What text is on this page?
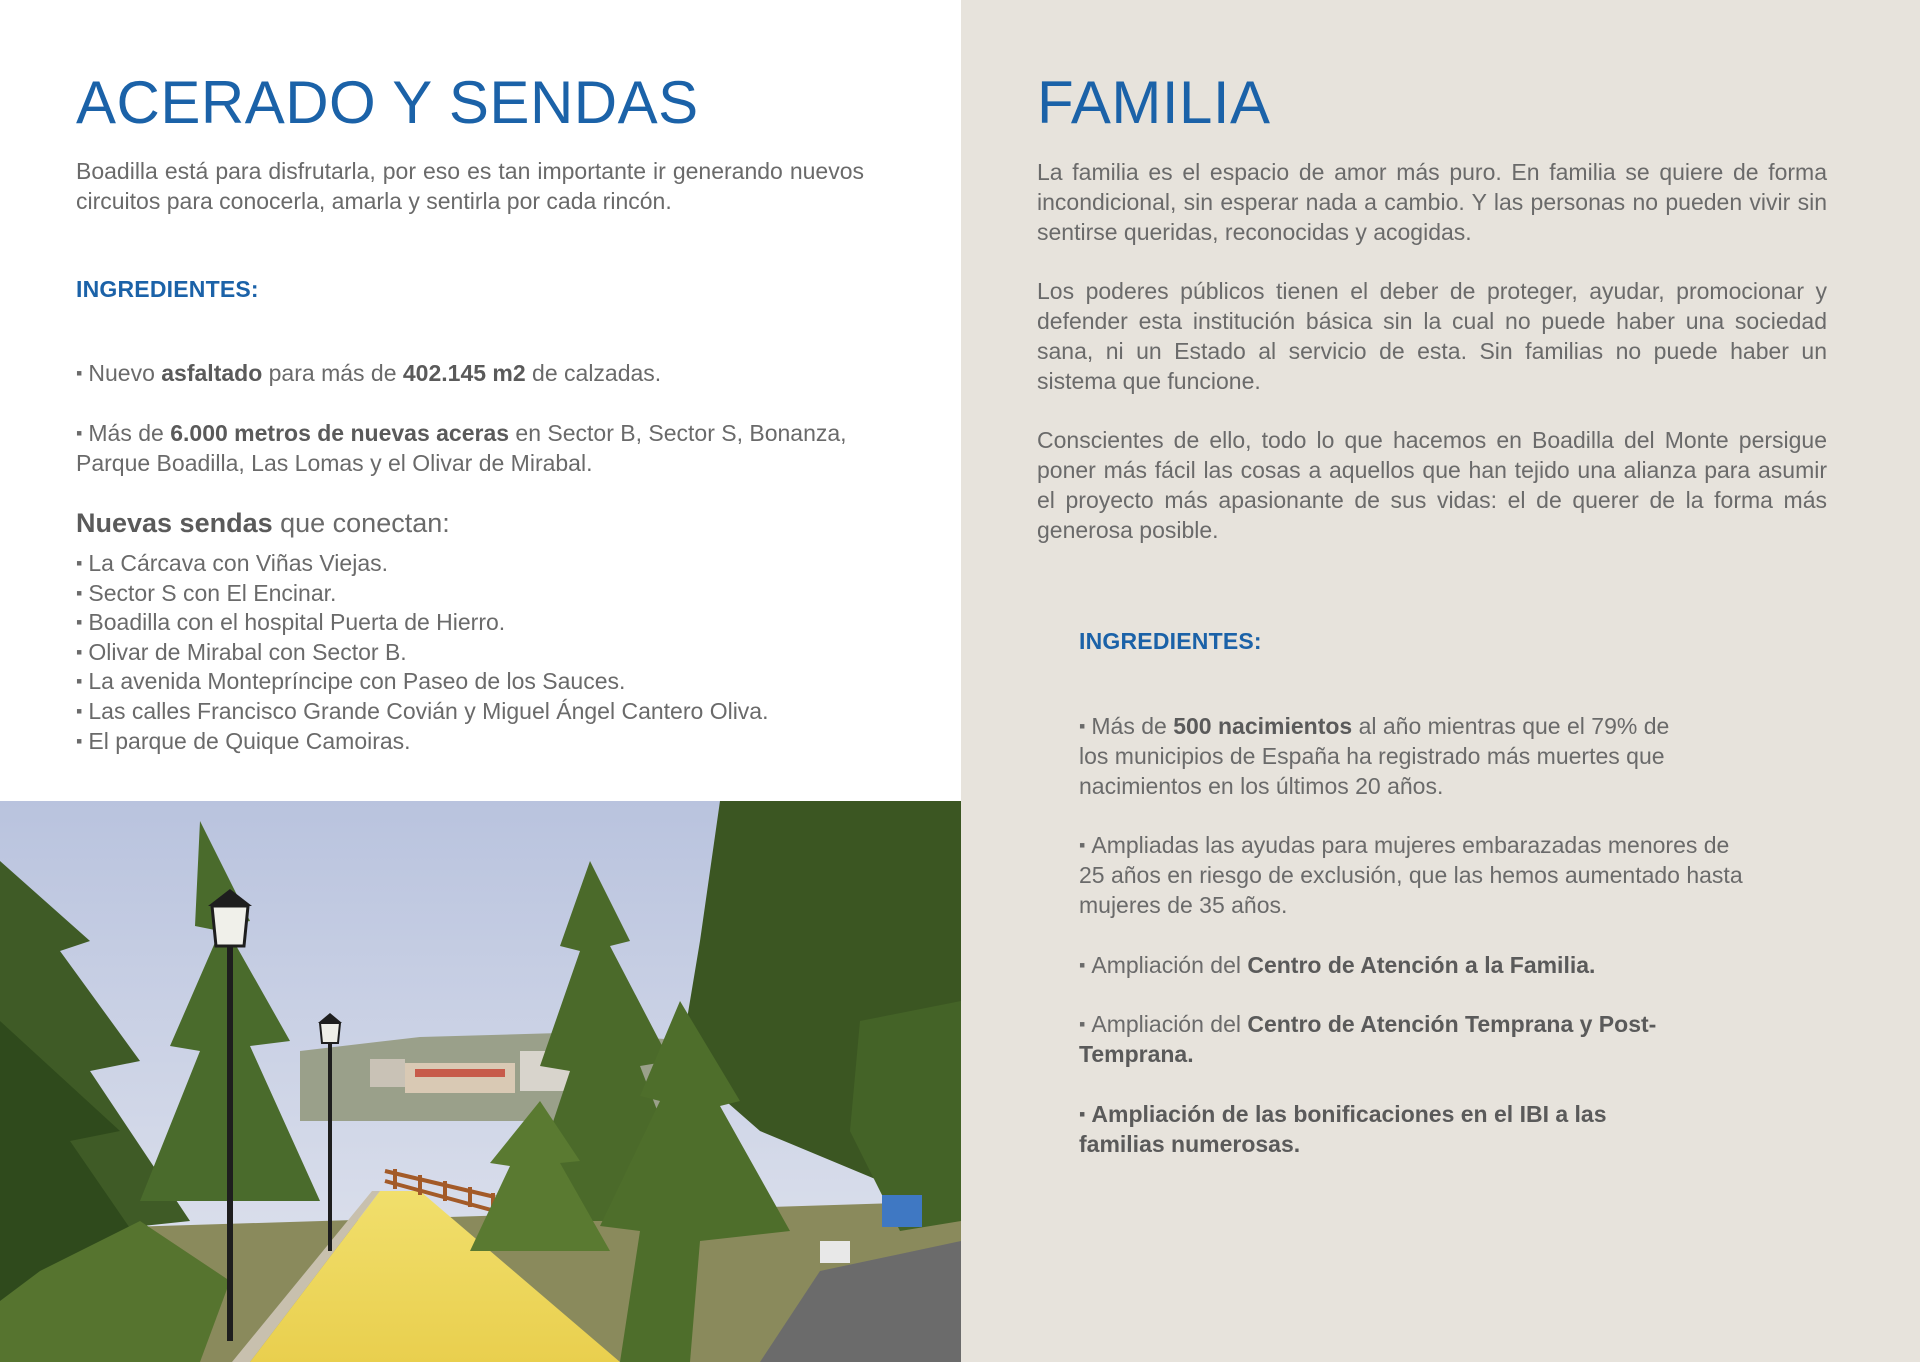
ACERADO Y SENDAS

Boadilla está para disfrutarla, por eso es tan importante ir generando nuevos circuitos para conocerla, amarla y sentirla por cada rincón.

INGREDIENTES:

▪ Nuevo asfaltado para más de 402.145 m2 de calzadas.

▪ Más de 6.000 metros de nuevas aceras en Sector B, Sector S, Bonanza, Parque Boadilla, Las Lomas y el Olivar de Mirabal.

Nuevas sendas que conectan:

▪ La Cárcava con Viñas Viejas.
▪ Sector S con El Encinar.
▪ Boadilla con el hospital Puerta de Hierro.
▪ Olivar de Mirabal con Sector B.
▪ La avenida Montepríncipe con Paseo de los Sauces.
▪ Las calles Francisco Grande Covián y Miguel Ángel Cantero Oliva.
▪ El parque de Quique Camoiras.
FAMILIA

La familia es el espacio de amor más puro. En familia se quiere de forma incondicional, sin esperar nada a cambio. Y las personas no pueden vivir sin sentirse queridas, reconocidas y acogidas.

Los poderes públicos tienen el deber de proteger, ayudar, promocionar y defender esta institución básica sin la cual no puede haber una sociedad sana, ni un Estado al servicio de esta. Sin familias no puede haber un sistema que funcione.

Conscientes de ello, todo lo que hacemos en Boadilla del Monte persigue poner más fácil las cosas a aquellos que han tejido una alianza para asumir el proyecto más apasionante de sus vidas: el de querer de la forma más generosa posible.

INGREDIENTES:

▪ Más de 500 nacimientos al año mientras que el 79% de los municipios de España ha registrado más muertes que nacimientos en los últimos 20 años.

▪ Ampliadas las ayudas para mujeres embarazadas menores de 25 años en riesgo de exclusión, que las hemos aumentado hasta mujeres de 35 años.

▪ Ampliación del Centro de Atención a la Familia.

▪ Ampliación del Centro de Atención Temprana y Post-Temprana.

▪ Ampliación de las bonificaciones en el IBI a las familias numerosas.
